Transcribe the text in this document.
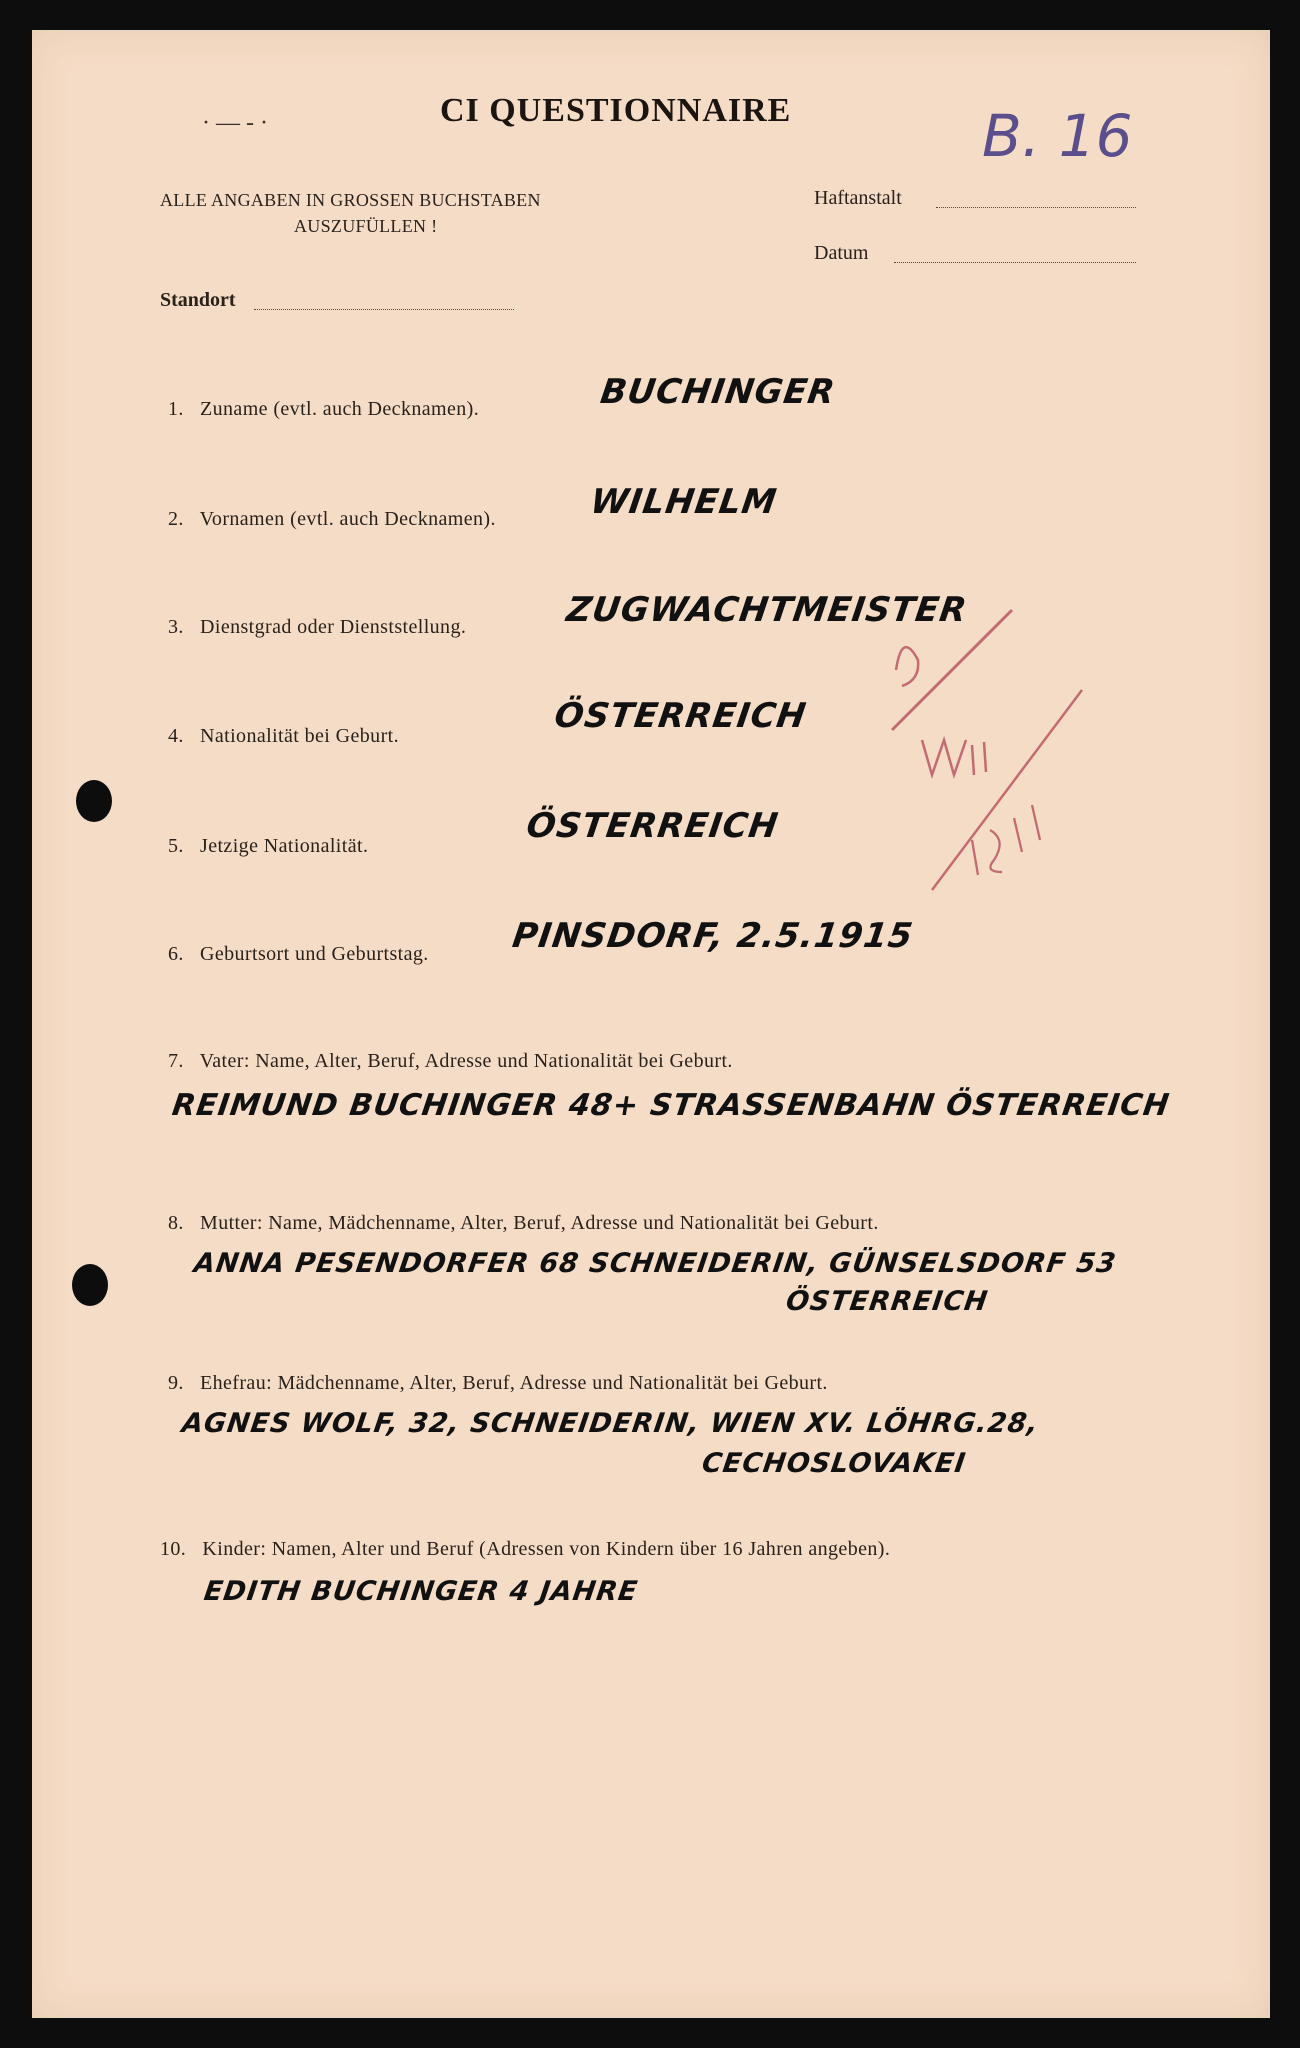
· — - ·	CI QUESTIONNAIRE	B. 16
ALLE ANGABEN IN GROSSEN BUCHSTABEN
AUSZUFÜLLEN !
Haftanstalt
Datum
Standort
1. Zuname (evtl. auch Decknamen).	BUCHINGER
2. Vornamen (evtl. auch Decknamen).	WILHELM
3. Dienstgrad oder Dienststellung.	ZUGWACHTMEISTER
4. Nationalität bei Geburt.	ÖSTERREICH
5. Jetzige Nationalität.	ÖSTERREICH
6. Geburtsort und Geburtstag. PINSDORF, 2.5.1915
7. Vater: Name, Alter, Beruf, Adresse und Nationalität bei Geburt.
REIMUND BUCHINGER 48+ STRASSENBAHN ÖSTERREICH
8. Mutter: Name, Mädchenname, Alter, Beruf, Adresse und Nationalität bei Geburt.
ANNA PESENDORFER 68 SCHNEIDERIN, GÜNSELSDORF 53
ÖSTERREICH
9. Ehefrau: Mädchenname, Alter, Beruf, Adresse und Nationalität bei Geburt.
AGNES WOLF, 32, SCHNEIDERIN, WIEN XV. LÖHRG.28,
CECHOSLOVAKEI
10. Kinder: Namen, Alter und Beruf (Adressen von Kindern über 16 Jahren angeben).
EDITH BUCHINGER 4 JAHRE
